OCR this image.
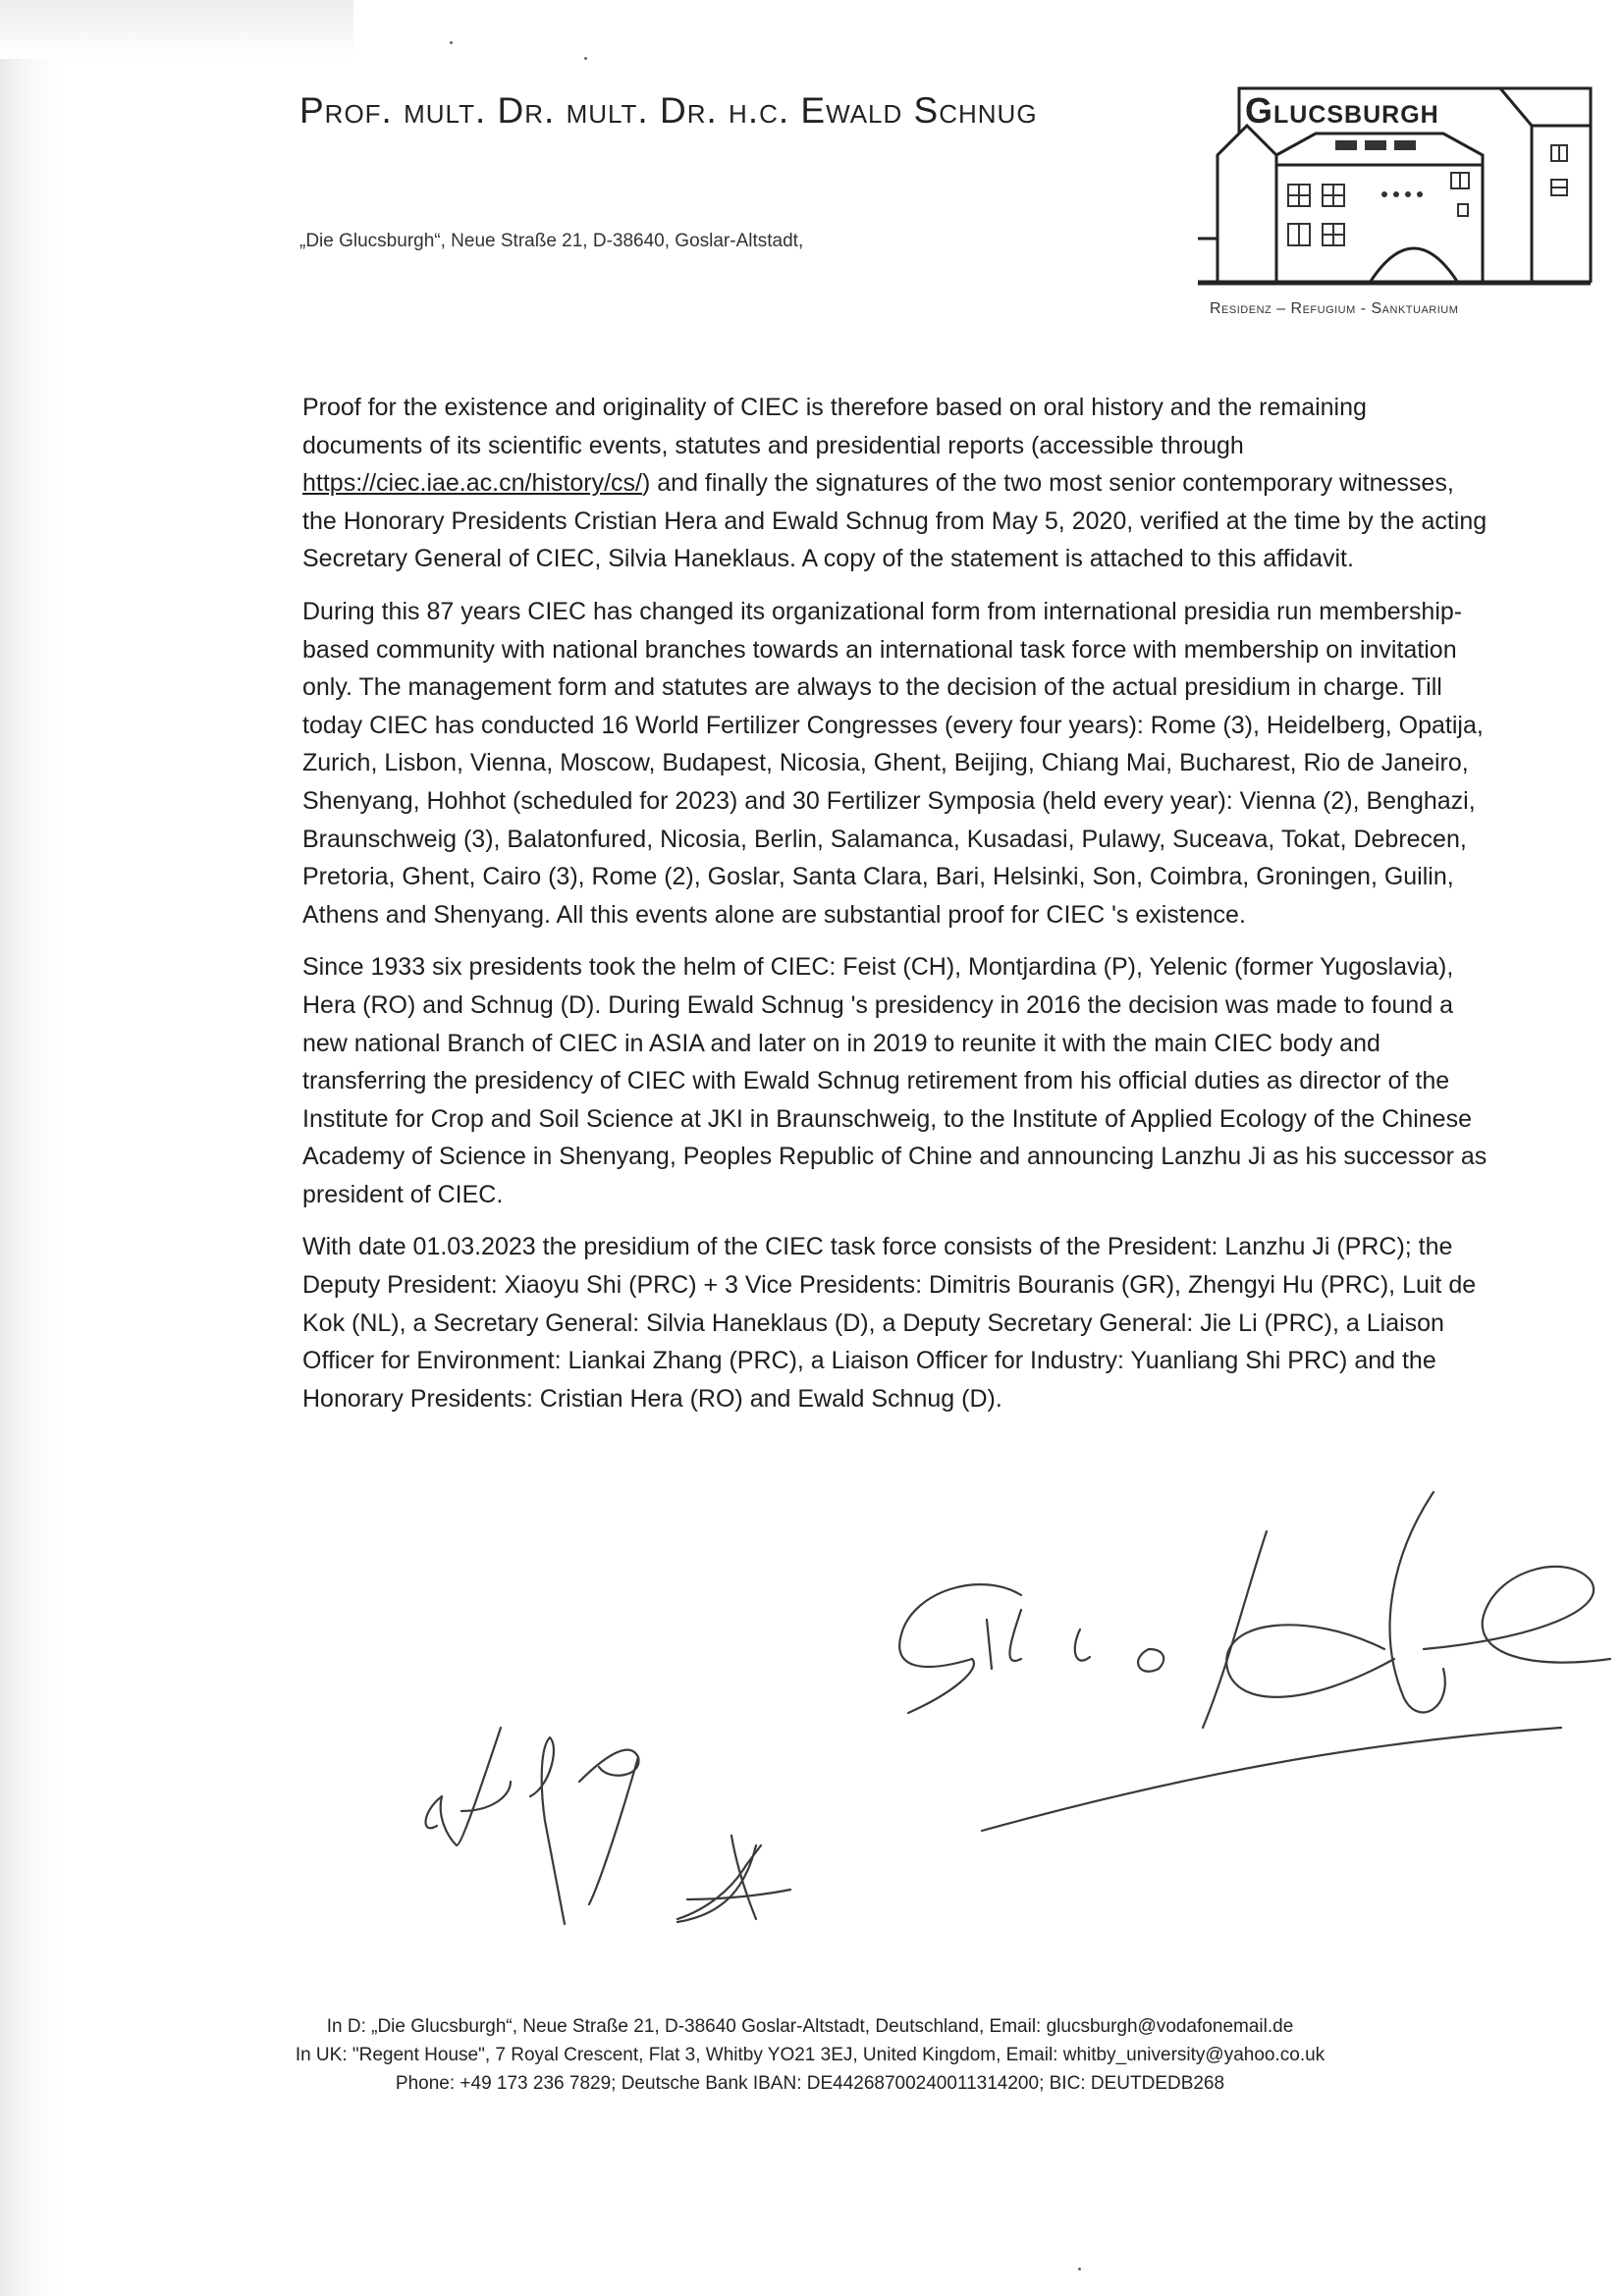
Prof. mult. Dr. mult. Dr. h.c. Ewald Schnug
„Die Glucsburgh“, Neue Straße 21, D-38640, Goslar-Altstadt,
Glucsburgh
Residenz – Refugium - Sanktuarium

Proof for the existence and originality of CIEC is therefore based on oral history and the remaining documents of its scientific events, statutes and presidential reports (accessible through https://ciec.iae.ac.cn/history/cs/) and finally the signatures of the two most senior contemporary witnesses, the Honorary Presidents Cristian Hera and Ewald Schnug from May 5, 2020, verified at the time by the acting Secretary General of CIEC, Silvia Haneklaus. A copy of the statement is attached to this affidavit.

During this 87 years CIEC has changed its organizational form from international presidia run membership-based community with national branches towards an international task force with membership on invitation only. The management form and statutes are always to the decision of the actual presidium in charge. Till today CIEC has conducted 16 World Fertilizer Congresses (every four years): Rome (3), Heidelberg, Opatija, Zurich, Lisbon, Vienna, Moscow, Budapest, Nicosia, Ghent, Beijing, Chiang Mai, Bucharest, Rio de Janeiro, Shenyang, Hohhot (scheduled for 2023) and 30 Fertilizer Symposia (held every year): Vienna (2), Benghazi, Braunschweig (3), Balatonfured, Nicosia, Berlin, Salamanca, Kusadasi, Pulawy, Suceava, Tokat, Debrecen, Pretoria, Ghent, Cairo (3), Rome (2), Goslar, Santa Clara, Bari, Helsinki, Son, Coimbra, Groningen, Guilin, Athens and Shenyang. All this events alone are substantial proof for CIEC 's existence.

Since 1933 six presidents took the helm of CIEC: Feist (CH), Montjardina (P), Yelenic (former Yugoslavia), Hera (RO) and Schnug (D). During Ewald Schnug 's presidency in 2016 the decision was made to found a new national Branch of CIEC in ASIA and later on in 2019 to reunite it with the main CIEC body and transferring the presidency of CIEC with Ewald Schnug retirement from his official duties as director of the Institute for Crop and Soil Science at JKI in Braunschweig, to the Institute of Applied Ecology of the Chinese Academy of Science in Shenyang, Peoples Republic of Chine and announcing Lanzhu Ji as his successor as president of CIEC.

With date 01.03.2023 the presidium of the CIEC task force consists of the President: Lanzhu Ji (PRC); the Deputy President: Xiaoyu Shi (PRC) + 3 Vice Presidents: Dimitris Bouranis (GR), Zhengyi Hu (PRC), Luit de Kok (NL), a Secretary General: Silvia Haneklaus (D), a Deputy Secretary General: Jie Li (PRC), a Liaison Officer for Environment: Liankai Zhang (PRC), a Liaison Officer for Industry: Yuanliang Shi PRC) and the Honorary Presidents: Cristian Hera (RO) and Ewald Schnug (D).

In D: „Die Glucsburgh“, Neue Straße 21, D-38640 Goslar-Altstadt, Deutschland, Email: glucsburgh@vodafonemail.de
In UK: "Regent House", 7 Royal Crescent, Flat 3, Whitby YO21 3EJ, United Kingdom, Email: whitby_university@yahoo.co.uk
Phone: +49 173 236 7829; Deutsche Bank IBAN: DE44268700240011314200; BIC: DEUTDEDB268
